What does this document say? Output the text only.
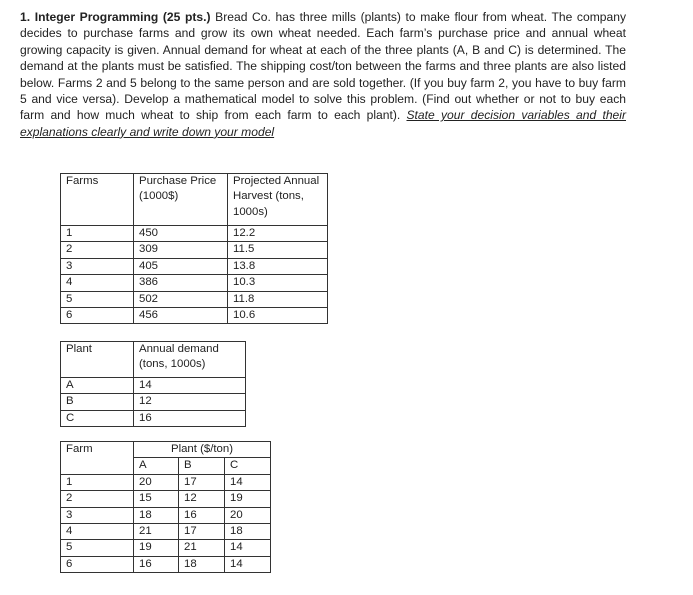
1. Integer Programming (25 pts.) Bread Co. has three mills (plants) to make flour from wheat. The company decides to purchase farms and grow its own wheat needed. Each farm’s purchase price and annual wheat growing capacity is given. Annual demand for wheat at each of the three plants (A, B and C) is determined. The demand at the plants must be satisfied. The shipping cost/ton between the farms and three plants are also listed below. Farms 2 and 5 belong to the same person and are sold together. (If you buy farm 2, you have to buy farm 5 and vice versa). Develop a mathematical model to solve this problem. (Find out whether or not to buy each farm and how much wheat to ship from each farm to each plant). State your decision variables and their explanations clearly and write down your model

Farms	Purchase Price (1000$)	Projected Annual Harvest (tons, 1000s)
1	450	12.2
2	309	11.5
3	405	13.8
4	386	10.3
5	502	11.8
6	456	10.6
Plant	Annual demand (tons, 1000s)
A	14
B	12
C	16
Farm	Plant ($/ton)		
	A	B	C
1	20	17	14
2	15	12	19
3	18	16	20
4	21	17	18
5	19	21	14
6	16	18	14
